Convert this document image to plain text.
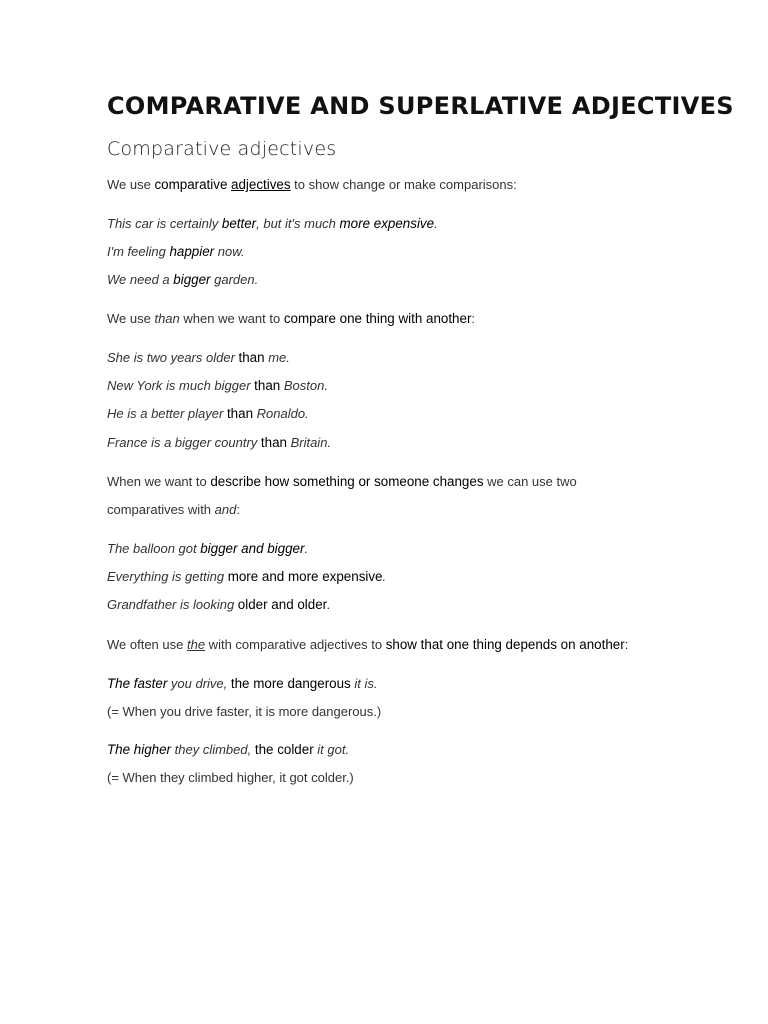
COMPARATIVE AND SUPERLATIVE ADJECTIVES
Comparative adjectives
We use comparative adjectives to show change or make comparisons:
This car is certainly better, but it's much more expensive.
I'm feeling happier now.
We need a bigger garden.
We use than when we want to compare one thing with another:
She is two years older than me.
New York is much bigger than Boston.
He is a better player than Ronaldo.
France is a bigger country than Britain.
When we want to describe how something or someone changes we can use two
comparatives with and:
The balloon got bigger and bigger.
Everything is getting more and more expensive.
Grandfather is looking older and older.
We often use the with comparative adjectives to show that one thing depends on another:
The faster you drive, the more dangerous it is.
(= When you drive faster, it is more dangerous.)
The higher they climbed, the colder it got.
(= When they climbed higher, it got colder.)
